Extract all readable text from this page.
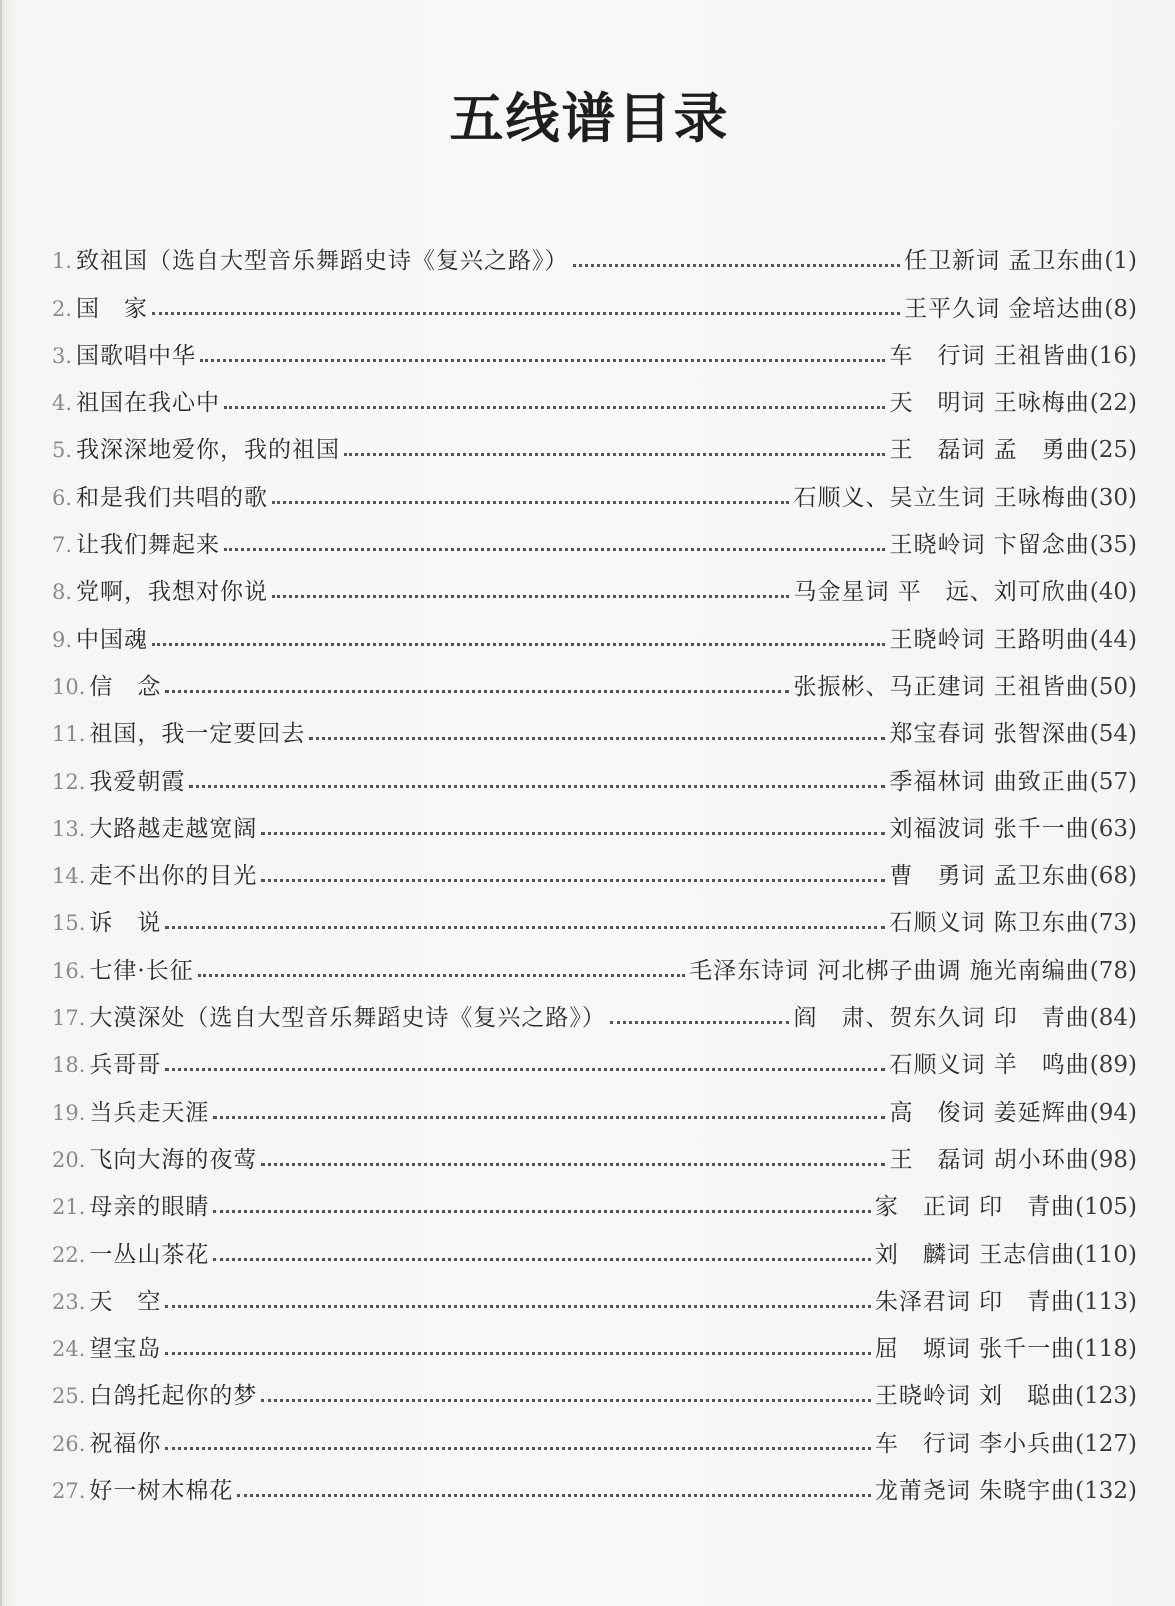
五线谱目录
1. 致祖国（选自大型音乐舞蹈史诗《复兴之路》）	任卫新词 孟卫东曲 (1)
2. 国　家	王平久词 金培达曲 (8)
3. 国歌唱中华	车　行词 王祖皆曲 (16)
4. 祖国在我心中	天　明词 王咏梅曲 (22)
5. 我深深地爱你，我的祖国	王　磊词 孟　勇曲 (25)
6. 和是我们共唱的歌	石顺义、吴立生词 王咏梅曲 (30)
7. 让我们舞起来	王晓岭词 卞留念曲 (35)
8. 党啊，我想对你说	马金星词 平　远、刘可欣曲 (40)
9. 中国魂	王晓岭词 王路明曲 (44)
10. 信　念	张振彬、马正建词 王祖皆曲 (50)
11. 祖国，我一定要回去	郑宝春词 张智深曲 (54)
12. 我爱朝霞	季福林词 曲致正曲 (57)
13. 大路越走越宽阔	刘福波词 张千一曲 (63)
14. 走不出你的目光	曹　勇词 孟卫东曲 (68)
15. 诉　说	石顺义词 陈卫东曲 (73)
16. 七律·长征	毛泽东诗词 河北梆子曲调 施光南编曲 (78)
17. 大漠深处（选自大型音乐舞蹈史诗《复兴之路》）	阎　肃、贺东久词 印　青曲 (84)
18. 兵哥哥	石顺义词 羊　鸣曲 (89)
19. 当兵走天涯	高　俊词 姜延辉曲 (94)
20. 飞向大海的夜莺	王　磊词 胡小环曲 (98)
21. 母亲的眼睛	家　正词 印　青曲 (105)
22. 一丛山茶花	刘　麟词 王志信曲 (110)
23. 天　空	朱泽君词 印　青曲 (113)
24. 望宝岛	屈　塬词 张千一曲 (118)
25. 白鸽托起你的梦	王晓岭词 刘　聪曲 (123)
26. 祝福你	车　行词 李小兵曲 (127)
27. 好一树木棉花	龙莆尧词 朱晓宇曲 (132)
